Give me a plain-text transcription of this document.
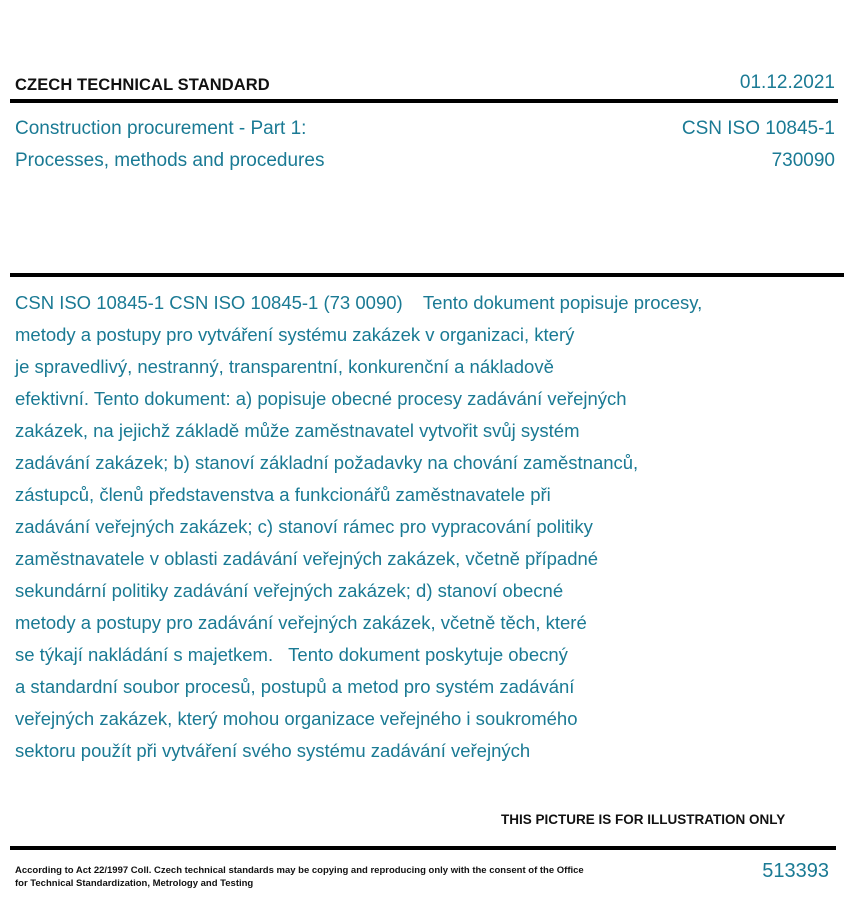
CZECH TECHNICAL STANDARD	01.12.2021
Construction procurement - Part 1:
Processes, methods and procedures
CSN ISO 10845-1
730090
CSN ISO 10845-1 CSN ISO 10845-1 (73 0090)    Tento dokument popisuje procesy,
metody a postupy pro vytváření systému zakázek v organizaci, který
je spravedlivý, nestranný, transparentní, konkurenční a nákladově
efektivní. Tento dokument: a) popisuje obecné procesy zadávání veřejných
zakázek, na jejichž základě může zaměstnavatel vytvořit svůj systém
zadávání zakázek; b) stanoví základní požadavky na chování zaměstnanců,
zástupců, členů představenstva a funkcionářů zaměstnavatele při
zadávání veřejných zakázek; c) stanoví rámec pro vypracování politiky
zaměstnavatele v oblasti zadávání veřejných zakázek, včetně případné
sekundární politiky zadávání veřejných zakázek; d) stanoví obecné
metody a postupy pro zadávání veřejných zakázek, včetně těch, které
se týkají nakládání s majetkem.   Tento dokument poskytuje obecný
a standardní soubor procesů, postupů a metod pro systém zadávání
veřejných zakázek, který mohou organizace veřejného i soukromého
sektoru použít při vytváření svého systému zadávání veřejných
THIS PICTURE IS FOR ILLUSTRATION ONLY
According to Act 22/1997 Coll. Czech technical standards may be copying and reproducing only with the consent of the Office
for Technical Standardization, Metrology and Testing
513393
